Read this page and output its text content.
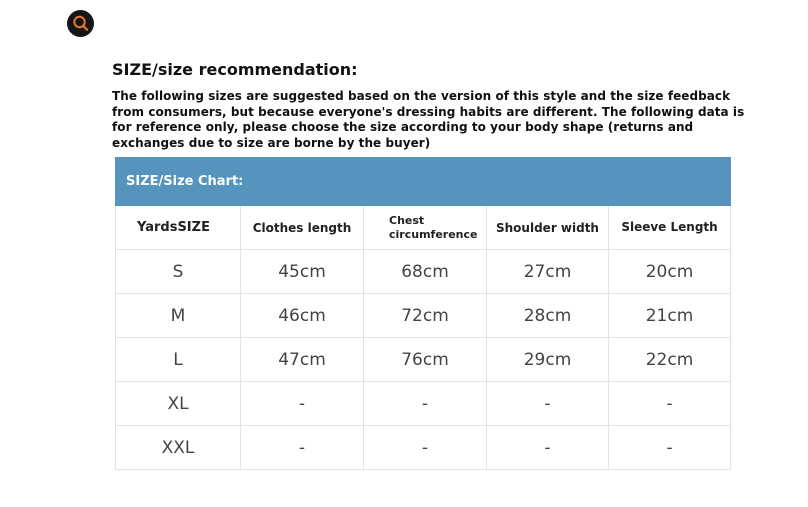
SIZE/size recommendation:

The following sizes are suggested based on the version of this style and the size feedback from consumers, but because everyone's dressing habits are different. The following data is for reference only, please choose the size according to your body shape (returns and exchanges due to size are borne by the buyer)

SIZE/Size Chart:				
YardsSIZE	Clothes length	Chest circumference	Shoulder width	Sleeve Length
S	45cm	68cm	27cm	20cm
M	46cm	72cm	28cm	21cm
L	47cm	76cm	29cm	22cm
XL	-	-	-	-
XXL	-	-	-	-
